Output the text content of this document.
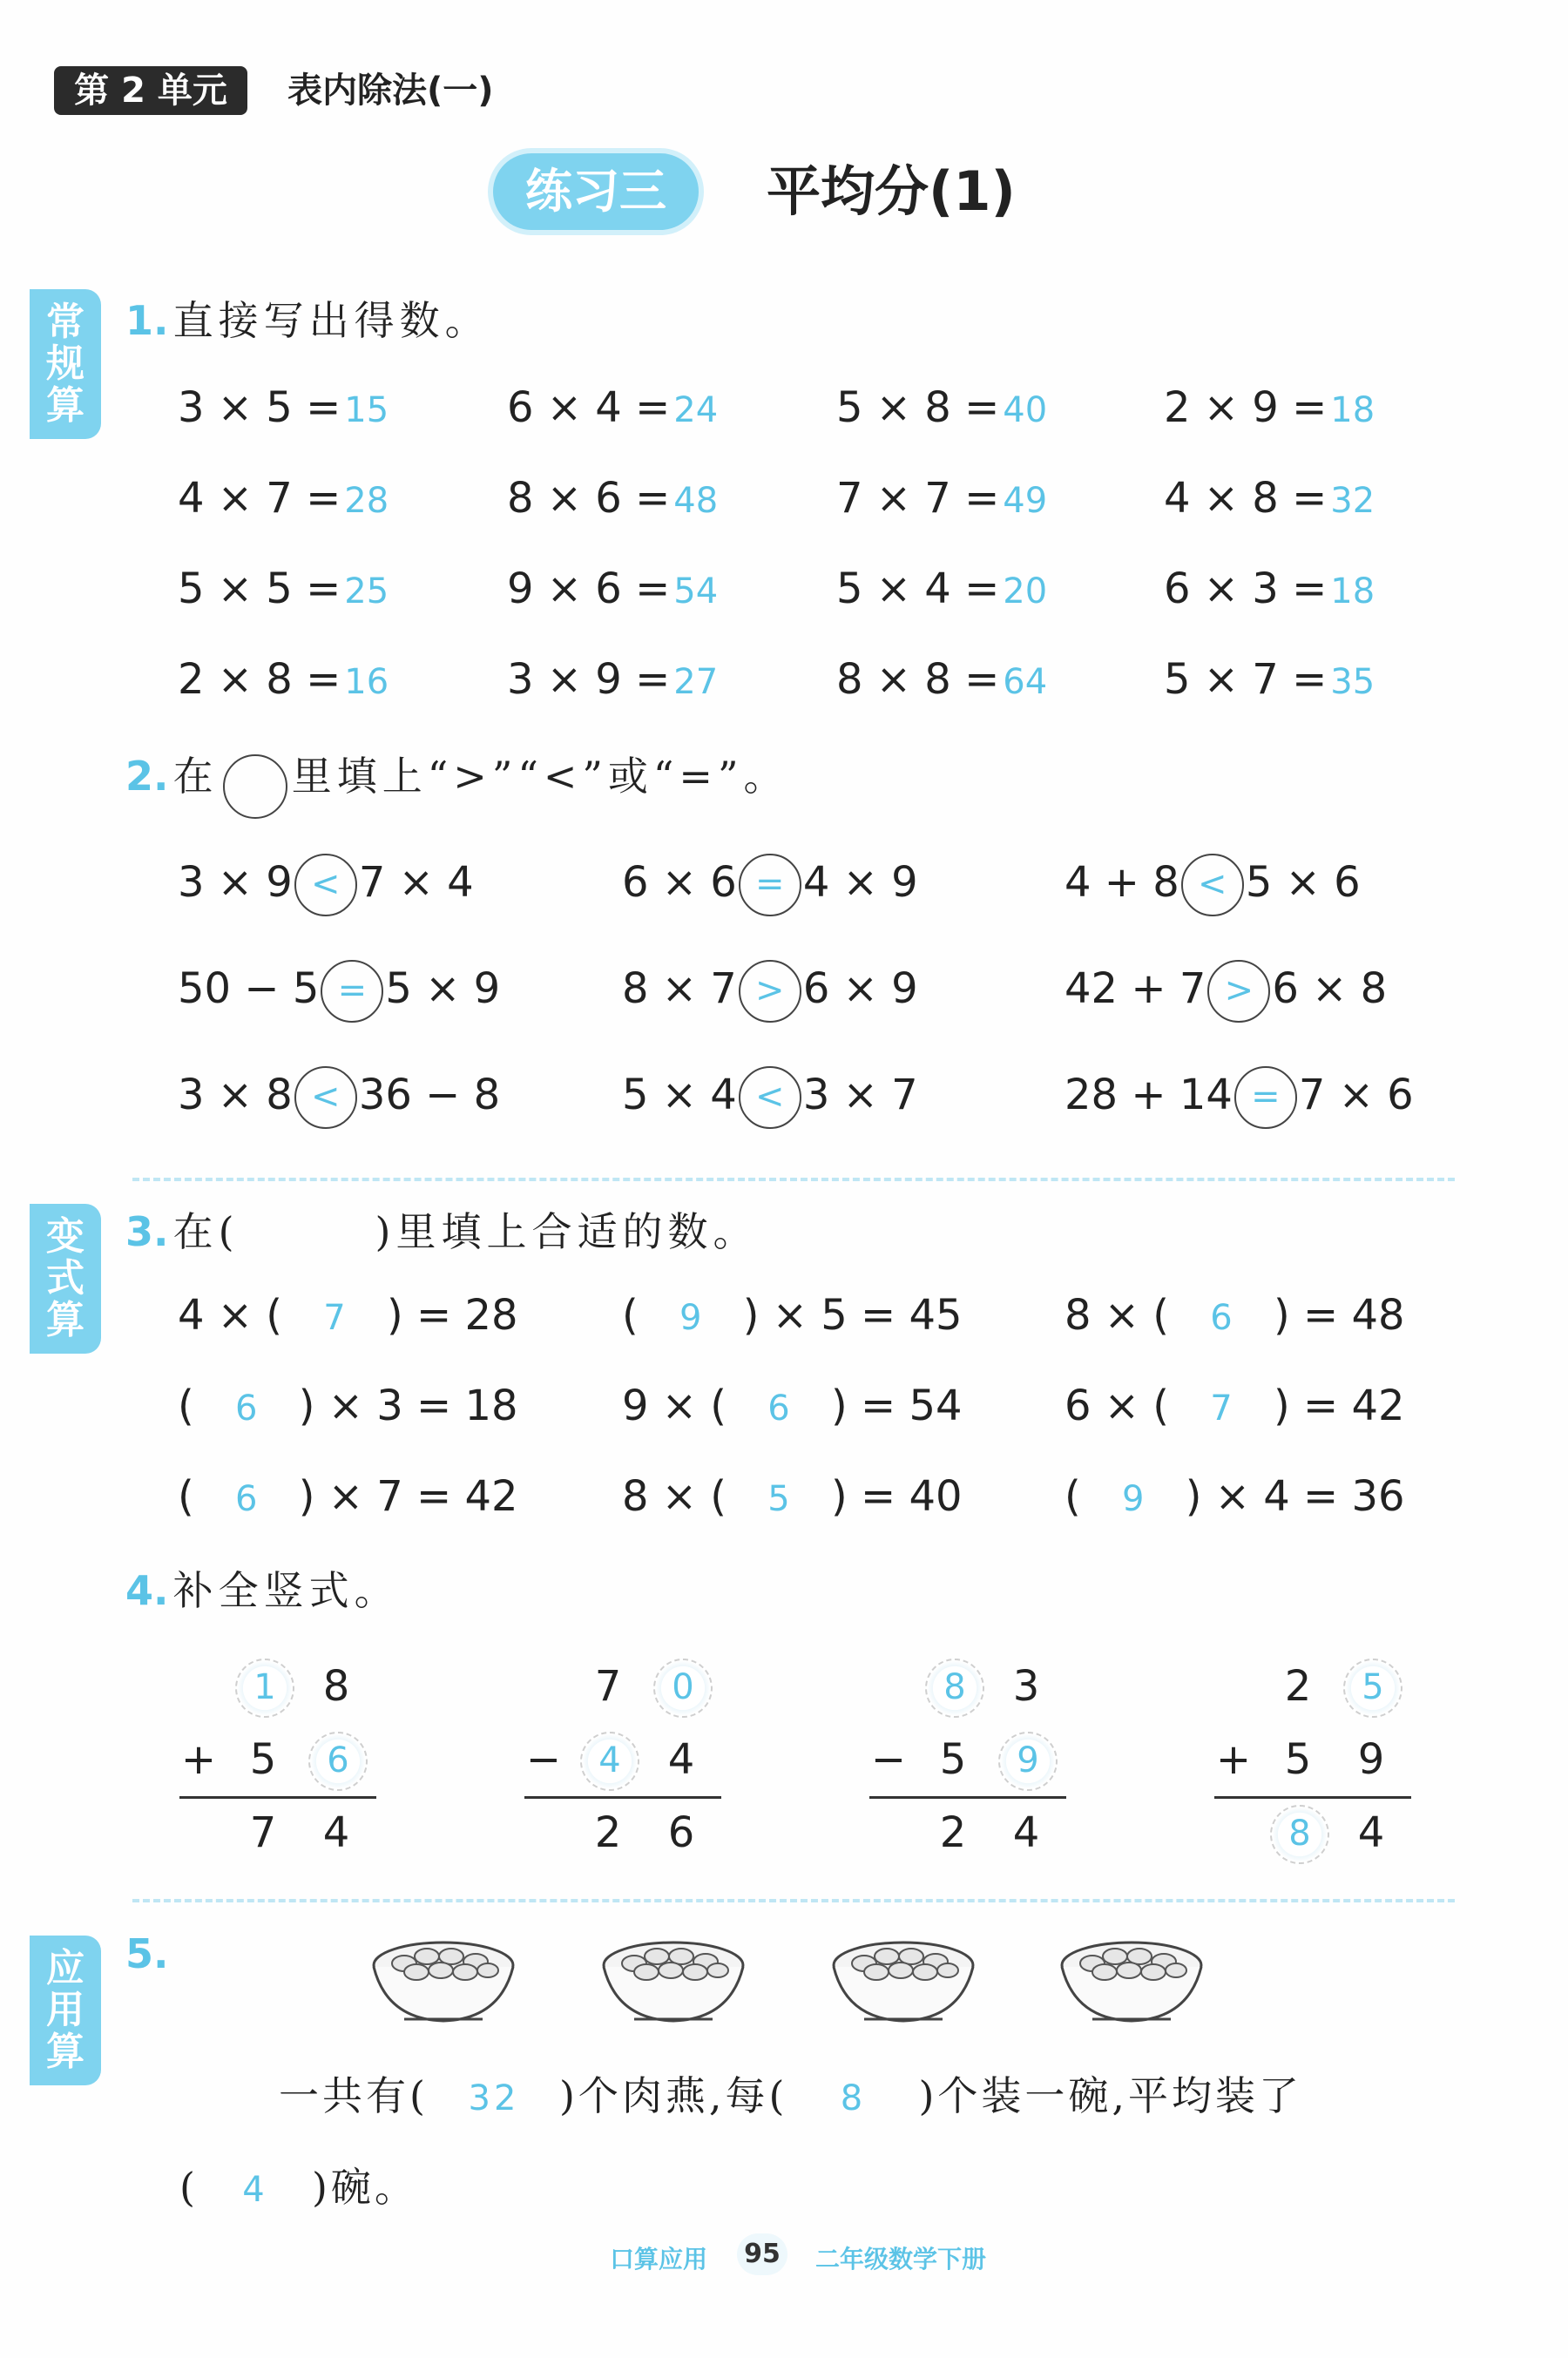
第 2 单元	表内除法(一)
练习三	平均分(1)
常
规
算
变
式
算
应
用
算
1. 直接写出得数。
3 × 5 = 15	6 × 4 = 24	5 × 8 = 40	2 × 9 = 18
4 × 7 = 28	8 × 6 = 48	7 × 7 = 49	4 × 8 = 32
5 × 5 = 25	9 × 6 = 54	5 × 4 = 20	6 × 3 = 18
2 × 8 = 16	3 × 9 = 27	8 × 8 = 64	5 × 7 = 35
2. 在 里填上“>”“<”或“=”。
3 × 9 < 7 × 4	6 × 6 = 4 × 9	4 + 8 < 5 × 6
50 − 5 = 5 × 9	8 × 7 > 6 × 9	42 + 7 > 6 × 8
3 × 8 < 36 − 8	5 × 4 < 3 × 7	28 + 14 = 7 × 6
3. 在(　　　)里填上合适的数。
4 × ( 7 ) = 28 ( 9 ) × 5 = 45 8 × ( 6 ) = 48
( 6 ) × 3 = 18 9 × ( 6 ) = 54 6 × ( 7 ) = 42
( 6 ) × 7 = 42 8 × ( 5 ) = 40 ( 9 ) × 4 = 36
4. 补全竖式。
1	8
5	6
7	4
+
7	0
4	4
2	6
−
8	3
5	9
2	4
−
2	5
5	9
8	4
+
5.
一共有( 32 )个肉燕,每( 8 )个装一碗,平均装了
( 4 )碗。
口算应用 95 二年级数学下册
